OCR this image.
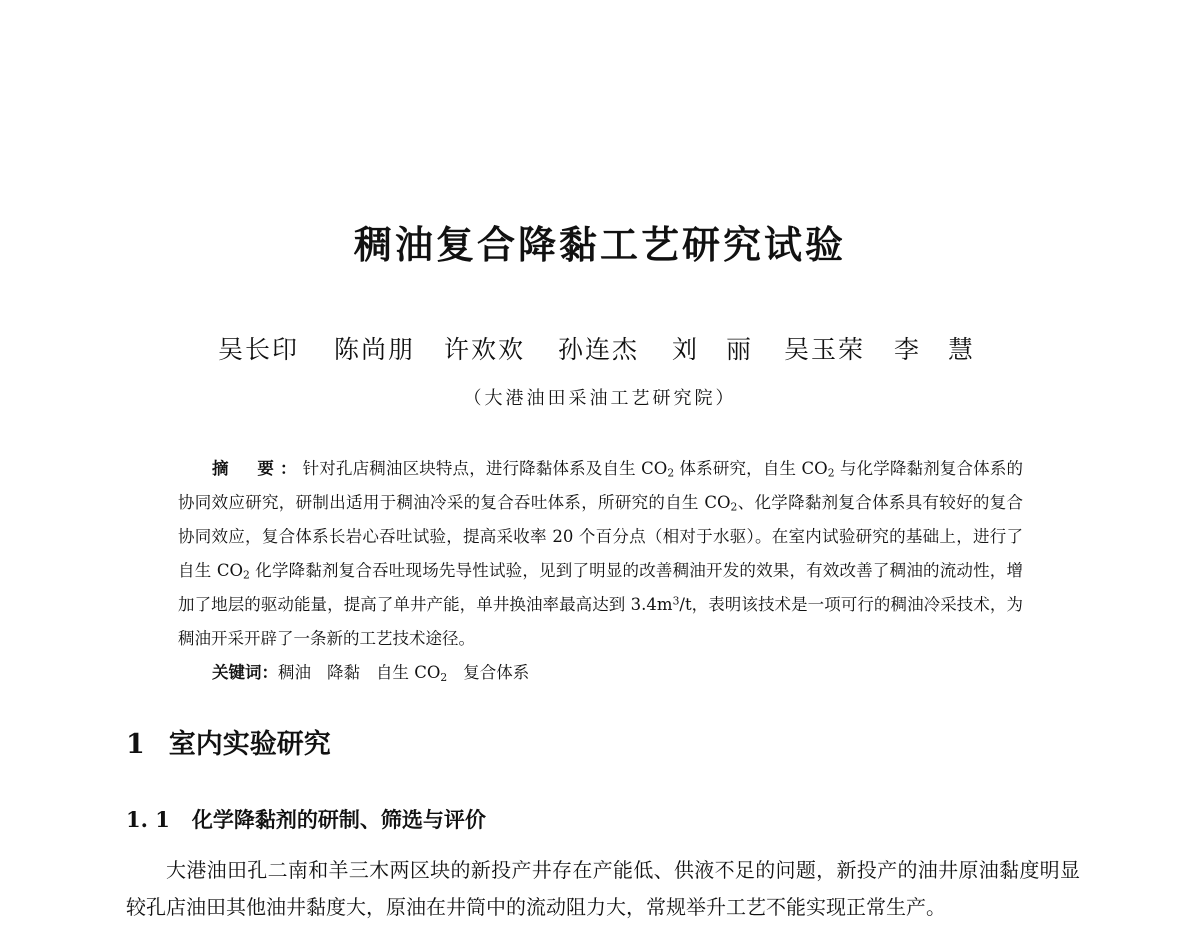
稠油复合降黏工艺研究试验
吴长印 陈尚朋 许欢欢 孙连杰 刘　丽 吴玉荣 李　慧
（大港油田采油工艺研究院）

摘　要：针对孔店稠油区块特点，进行降黏体系及自生 $CO_2$ 体系研究，自生 $CO_2$ 与化学降黏剂复合体系的协同效应研究，研制出适用于稠油冷采的复合吞吐体系，所研究的自生 $CO_2$、化学降黏剂复合体系具有较好的复合协同效应，复合体系长岩心吞吐试验，提高采收率 20 个百分点（相对于水驱）。在室内试验研究的基础上，进行了自生 $CO_2$ 化学降黏剂复合吞吐现场先导性试验，见到了明显的改善稠油开发的效果，有效改善了稠油的流动性，增加了地层的驱动能量，提高了单井产能，单井换油率最高达到 $3.4m^3/t$，表明该技术是一项可行的稠油冷采技术，为稠油开采开辟了一条新的工艺技术途径。

关键词：稠油 降黏 自生 $CO_2$ 复合体系

1 室内实验研究
1. 1 化学降黏剂的研制、筛选与评价

大港油田孔二南和羊三木两区块的新投产井存在产能低、供液不足的问题，新投产的油井原油黏度明显较孔店油田其他油井黏度大，原油在井筒中的流动阻力大，常规举升工艺不能实现正常生产。
